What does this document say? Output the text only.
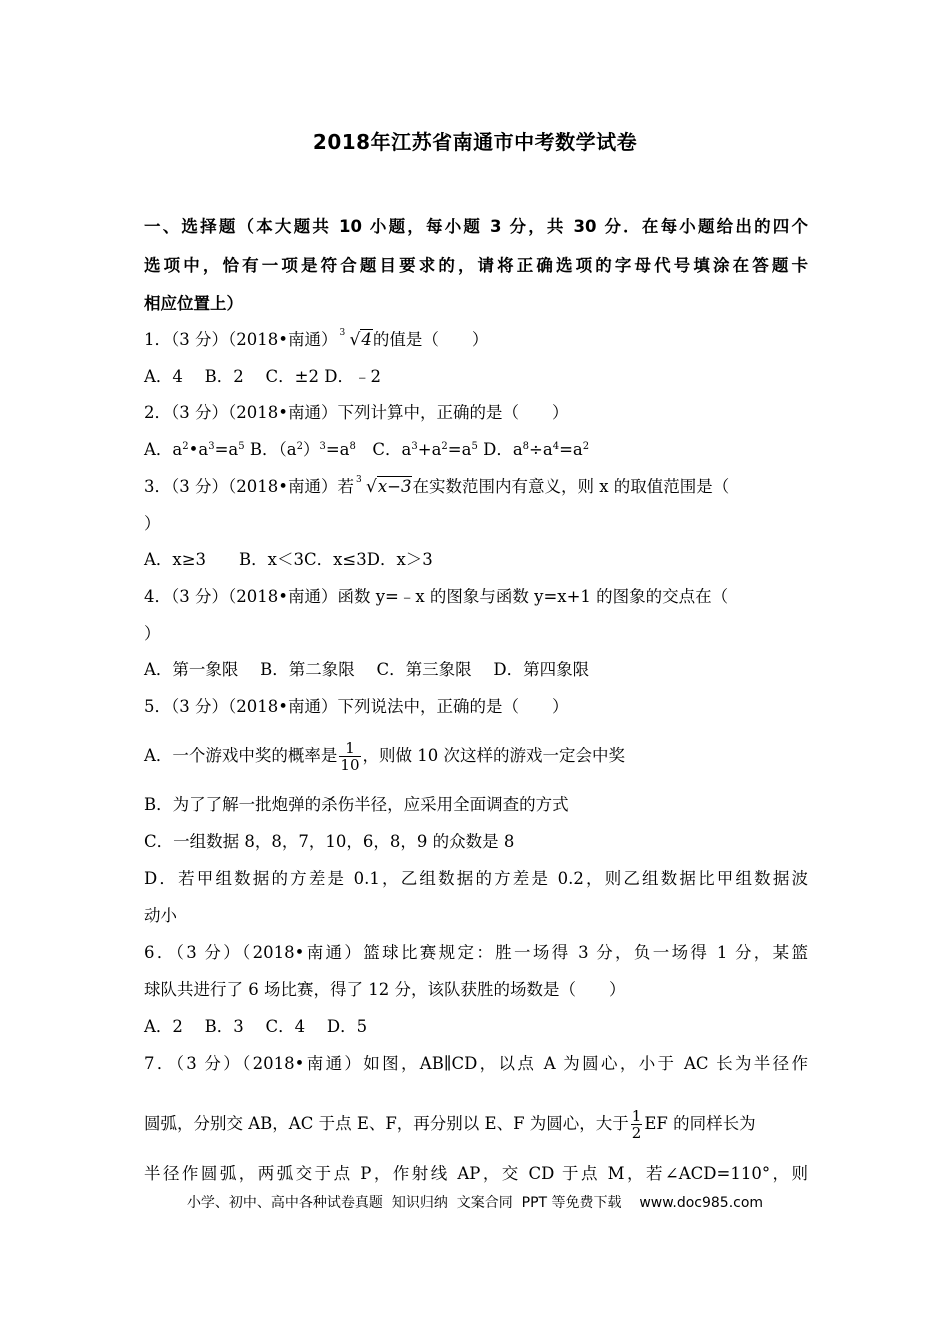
2018年江苏省南通市中考数学试卷
一、选择题（本大题共 10 小题，每小题 3 分，共 30 分．在每小题给出的四个
选项中，恰有一项是符合题目要求的，请将正确选项的字母代号填涂在答题卡
相应位置上）
1．（3 分）（2018•南通） 3 √4的值是（　　）
A．4　 B．2　 C．±2 D．﹣2
2．（3 分）（2018•南通）下列计算中，正确的是（　　）
A．$a^2•a^3=a^5$ B．$(a^2)^3=a^8$　C．$a^3+a^2=a^5$ D．$a^8\div a^4=a^2$
3．（3 分）（2018•南通）若 3 √x−3在实数范围内有意义，则 x 的取值范围是（
）
A．x≥3　　B．x＜3C．x≤3D．x＞3
4．（3 分）（2018•南通）函数 y=﹣x 的图象与函数 y=x+1 的图象的交点在（
）
A．第一象限　 B．第二象限　 C．第三象限　 D．第四象限
5．（3 分）（2018•南通）下列说法中，正确的是（　　）
A．一个游戏中奖的概率是 $\frac{1}{10}$ ，则做 10 次这样的游戏一定会中奖
B．为了了解一批炮弹的杀伤半径，应采用全面调查的方式
C．一组数据 8，8，7，10，6，8，9 的众数是 8
D．若甲组数据的方差是 0.1，乙组数据的方差是 0.2，则乙组数据比甲组数据波
动小
6．（3 分）（2018•南通）篮球比赛规定：胜一场得 3 分，负一场得 1 分，某篮
球队共进行了 6 场比赛，得了 12 分，该队获胜的场数是（　　）
A．2　 B．3　 C．4　 D．5
7．（3 分）（2018•南通）如图，AB∥CD，以点 A 为圆心，小于 AC 长为半径作
圆弧，分别交 AB，AC 于点 E、F，再分别以 E、F 为圆心，大于 $\frac{1}{2}$ EF 的同样长为
半径作圆弧，两弧交于点 P，作射线 AP，交 CD 于点 M，若∠ACD=110°，则
小学、初中、高中各种试卷真题  知识归纳  文案合同  PPT 等免费下载    www.doc985.com
